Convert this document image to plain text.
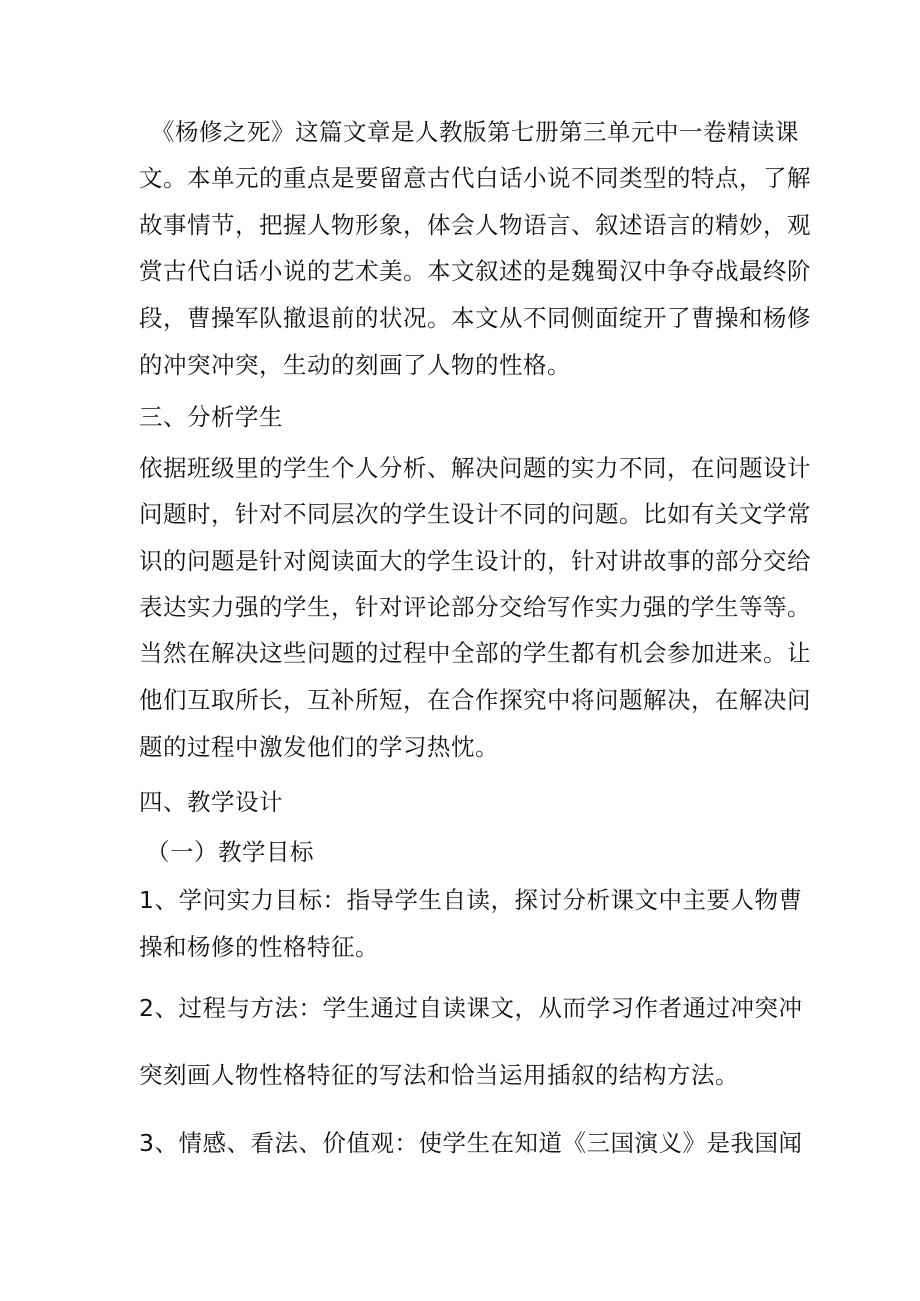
《杨修之死》这篇文章是人教版第七册第三单元中一卷精读课
文。本单元的重点是要留意古代白话小说不同类型的特点，了解
故事情节，把握人物形象，体会人物语言、叙述语言的精妙，观
赏古代白话小说的艺术美。本文叙述的是魏蜀汉中争夺战最终阶
段，曹操军队撤退前的状况。本文从不同侧面绽开了曹操和杨修
的冲突冲突，生动的刻画了人物的性格。
三、分析学生
依据班级里的学生个人分析、解决问题的实力不同，在问题设计
问题时，针对不同层次的学生设计不同的问题。比如有关文学常
识的问题是针对阅读面大的学生设计的，针对讲故事的部分交给
表达实力强的学生，针对评论部分交给写作实力强的学生等等。
当然在解决这些问题的过程中全部的学生都有机会参加进来。让
他们互取所长，互补所短，在合作探究中将问题解决，在解决问
题的过程中激发他们的学习热忱。
四、教学设计
（一）教学目标
1、学问实力目标：指导学生自读，探讨分析课文中主要人物曹
操和杨修的性格特征。
2、过程与方法：学生通过自读课文，从而学习作者通过冲突冲
突刻画人物性格特征的写法和恰当运用插叙的结构方法。
3、情感、看法、价值观：使学生在知道《三国演义》是我国闻
